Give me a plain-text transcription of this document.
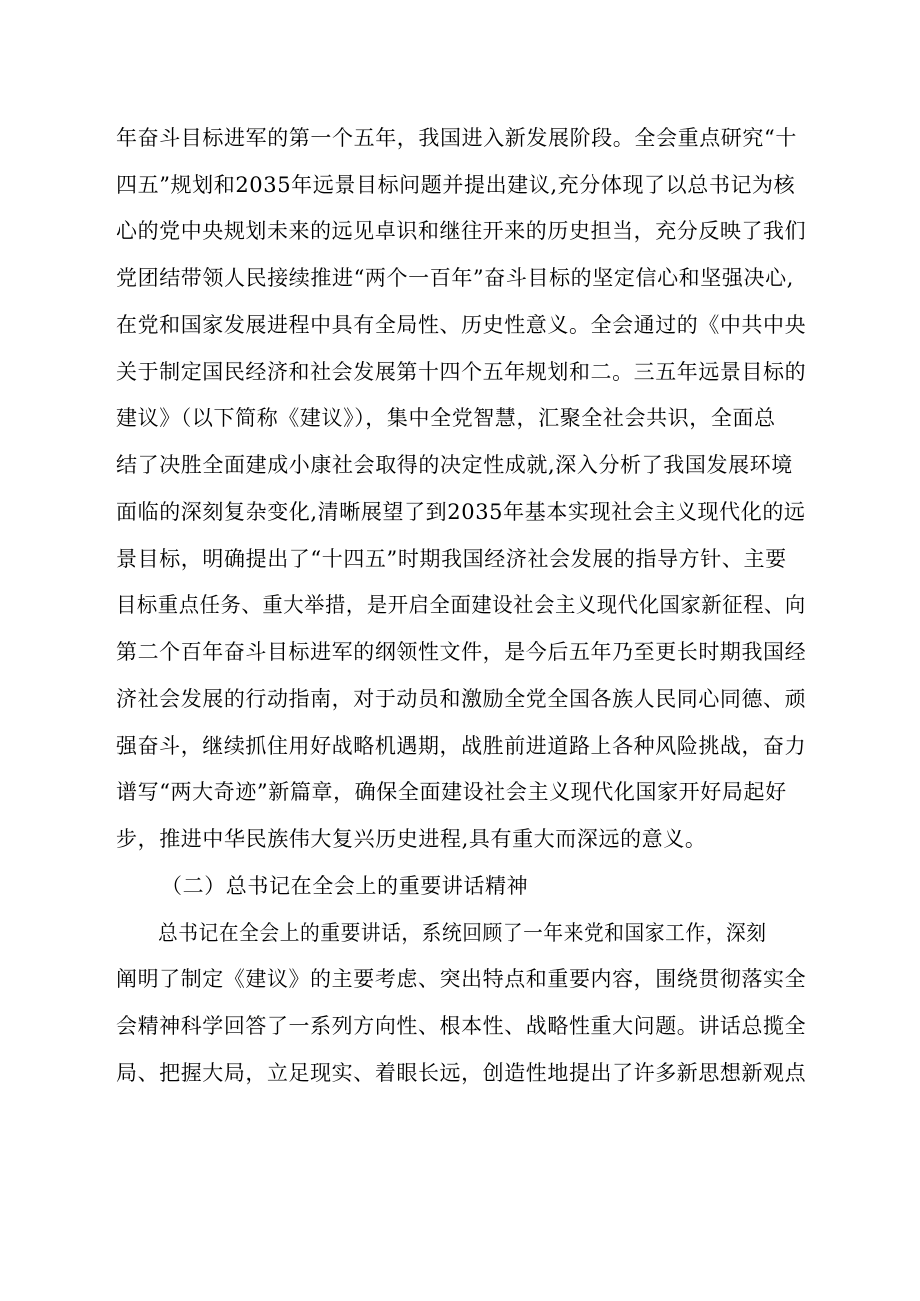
年奋斗目标进军的第一个五年，我国进入新发展阶段。全会重点研究“十
四五”规划和2035年远景目标问题并提出建议,充分体现了以总书记为核
心的党中央规划未来的远见卓识和继往开来的历史担当，充分反映了我们
党团结带领人民接续推进“两个一百年”奋斗目标的坚定信心和坚强决心,
在党和国家发展进程中具有全局性、历史性意义。全会通过的《中共中央
关于制定国民经济和社会发展第十四个五年规划和二。三五年远景目标的
建议》（以下简称《建议》），集中全党智慧，汇聚全社会共识，全面总
结了决胜全面建成小康社会取得的决定性成就,深入分析了我国发展环境
面临的深刻复杂变化,清晰展望了到2035年基本实现社会主义现代化的远
景目标，明确提出了“十四五”时期我国经济社会发展的指导方针、主要
目标重点任务、重大举措，是开启全面建设社会主义现代化国家新征程、向
第二个百年奋斗目标进军的纲领性文件，是今后五年乃至更长时期我国经
济社会发展的行动指南，对于动员和激励全党全国各族人民同心同德、顽
强奋斗，继续抓住用好战略机遇期，战胜前进道路上各种风险挑战，奋力
谱写“两大奇迹”新篇章，确保全面建设社会主义现代化国家开好局起好
步，推进中华民族伟大复兴历史进程,具有重大而深远的意义。
（二）总书记在全会上的重要讲话精神
总书记在全会上的重要讲话，系统回顾了一年来党和国家工作，深刻
阐明了制定《建议》的主要考虑、突出特点和重要内容，围绕贯彻落实全
会精神科学回答了一系列方向性、根本性、战略性重大问题。讲话总揽全
局、把握大局，立足现实、着眼长远，创造性地提出了许多新思想新观点
